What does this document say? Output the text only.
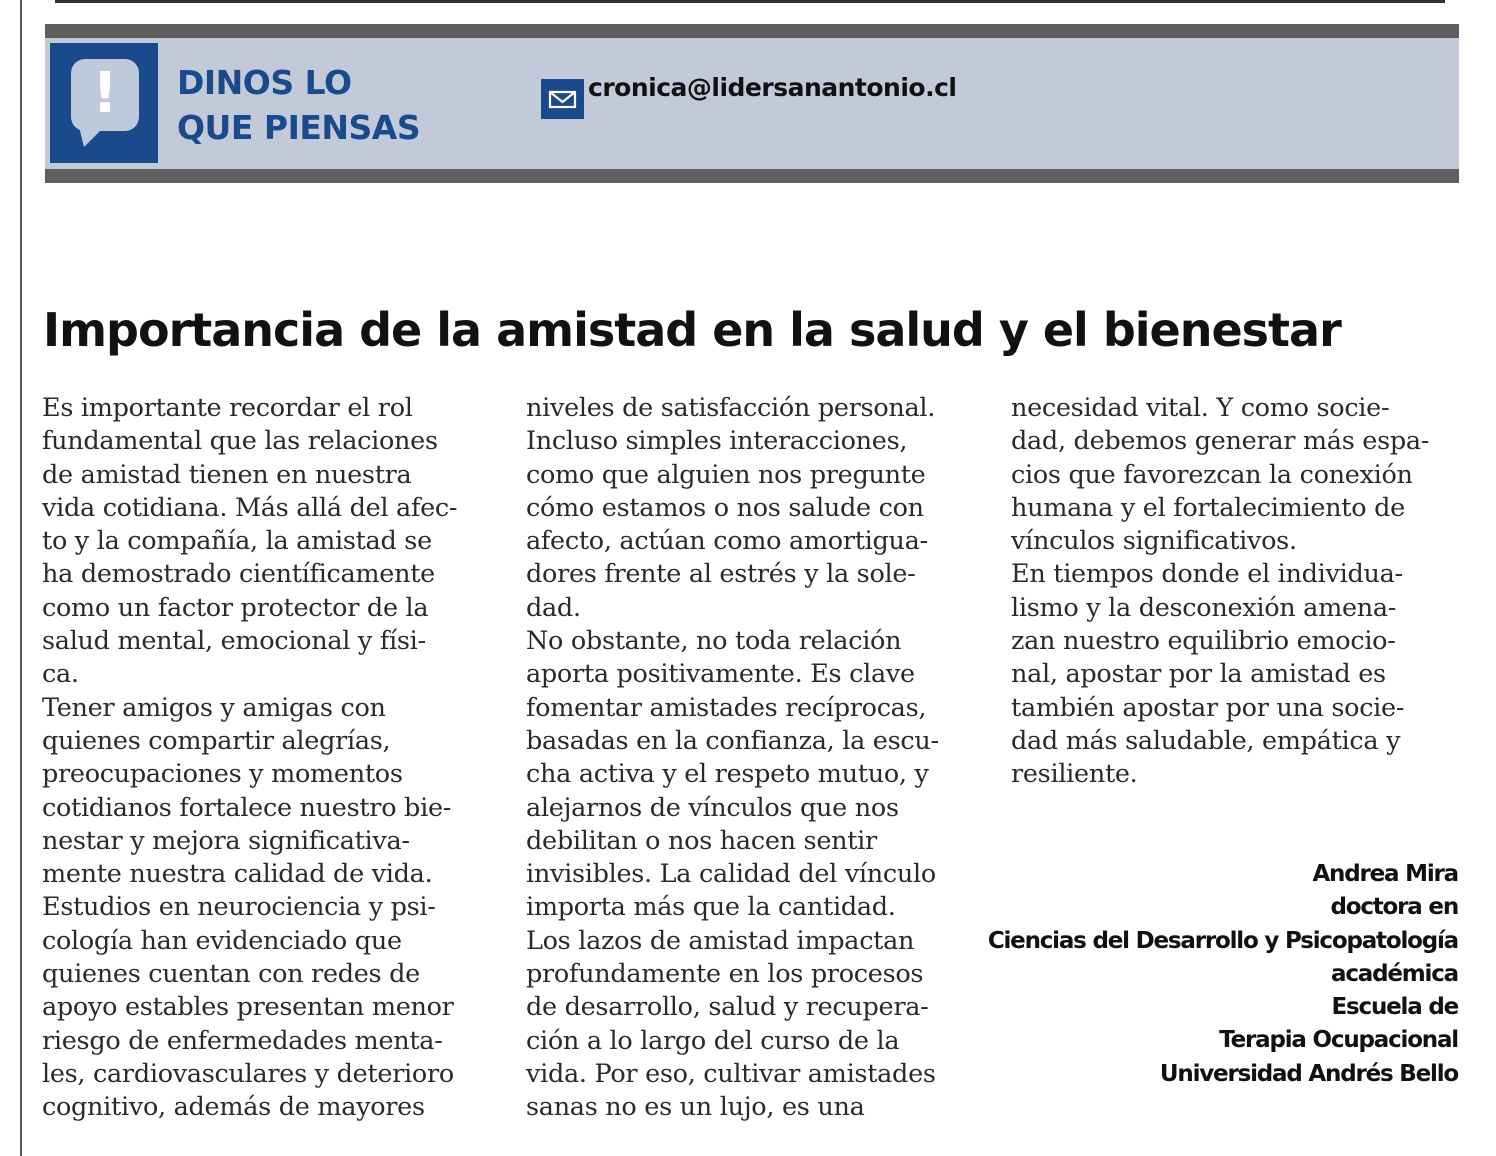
!	DINOS LO
QUE PIENSAS
cronica@lidersanantonio.cl
Importancia de la amistad en la salud y el bienestar

Es importante recordar el rol
fundamental que las relaciones
de amistad tienen en nuestra
vida cotidiana. Más allá del afec-
to y la compañía, la amistad se
ha demostrado científicamente
como un factor protector de la
salud mental, emocional y físi-
ca.

Tener amigos y amigas con
quienes compartir alegrías,
preocupaciones y momentos
cotidianos fortalece nuestro bie-
nestar y mejora significativa-
mente nuestra calidad de vida.

Estudios en neurociencia y psi-
cología han evidenciado que
quienes cuentan con redes de
apoyo estables presentan menor
riesgo de enfermedades menta-
les, cardiovasculares y deterioro
cognitivo, además de mayores

niveles de satisfacción personal.
Incluso simples interacciones,
como que alguien nos pregunte
cómo estamos o nos salude con
afecto, actúan como amortigua-
dores frente al estrés y la sole-
dad.

No obstante, no toda relación
aporta positivamente. Es clave
fomentar amistades recíprocas,
basadas en la confianza, la escu-
cha activa y el respeto mutuo, y
alejarnos de vínculos que nos
debilitan o nos hacen sentir
invisibles. La calidad del vínculo
importa más que la cantidad.

Los lazos de amistad impactan
profundamente en los procesos
de desarrollo, salud y recupera-
ción a lo largo del curso de la
vida. Por eso, cultivar amistades
sanas no es un lujo, es una

necesidad vital. Y como socie-
dad, debemos generar más espa-
cios que favorezcan la conexión
humana y el fortalecimiento de
vínculos significativos.

En tiempos donde el individua-
lismo y la desconexión amena-
zan nuestro equilibrio emocio-
nal, apostar por la amistad es
también apostar por una socie-
dad más saludable, empática y
resiliente.

Andrea Mira
doctora en
Ciencias del Desarrollo y Psicopatología
académica
Escuela de
Terapia Ocupacional
Universidad Andrés Bello
